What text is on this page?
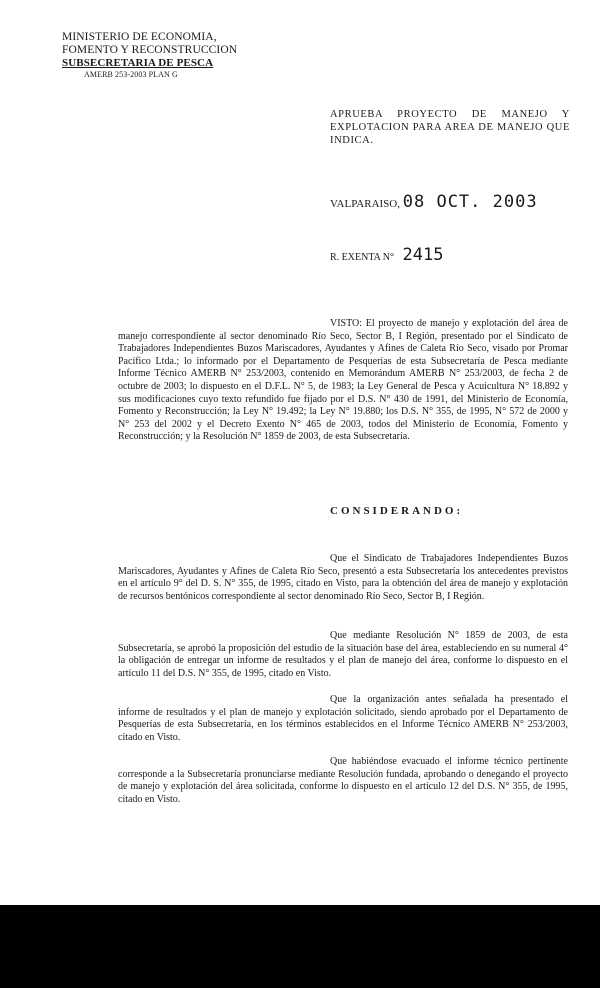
MINISTERIO DE ECONOMIA,
FOMENTO Y RECONSTRUCCION
SUBSECRETARIA DE PESCA
AMERB 253-2003 PLAN G
APRUEBA PROYECTO DE MANEJO Y EXPLOTACION PARA AREA DE MANEJO QUE INDICA.
VALPARAISO, 08 OCT. 2003
R. EXENTA N° 2415
VISTO: El proyecto de manejo y explotación del área de manejo correspondiente al sector denominado Río Seco, Sector B, I Región, presentado por el Sindicato de Trabajadores Independientes Buzos Mariscadores, Ayudantes y Afines de Caleta Río Seco, visado por Promar Pacífico Ltda.; lo informado por el Departamento de Pesquerías de esta Subsecretaría de Pesca mediante Informe Técnico AMERB N° 253/2003, contenido en Memorándum AMERB N° 253/2003, de fecha 2 de octubre de 2003; lo dispuesto en el D.F.L. N° 5, de 1983; la Ley General de Pesca y Acuicultura N° 18.892 y sus modificaciones cuyo texto refundido fue fijado por el D.S. N° 430 de 1991, del Ministerio de Economía, Fomento y Reconstrucción; la Ley N° 19.492; la Ley N° 19.880; los D.S. N° 355, de 1995, N° 572 de 2000 y N° 253 del 2002 y el Decreto Exento N° 465 de 2003, todos del Ministerio de Economía, Fomento y Reconstrucción; y la Resolución N° 1859 de 2003, de esta Subsecretaría.
CONSIDERANDO:
Que el Sindicato de Trabajadores Independientes Buzos Mariscadores, Ayudantes y Afines de Caleta Río Seco, presentó a esta Subsecretaría los antecedentes previstos en el artículo 9° del D. S. N° 355, de 1995, citado en Visto, para la obtención del área de manejo y explotación de recursos bentónicos correspondiente al sector denominado Río Seco, Sector B, I Región.
Que mediante Resolución N° 1859 de 2003, de esta Subsecretaría, se aprobó la proposición del estudio de la situación base del área, estableciendo en su numeral 4° la obligación de entregar un informe de resultados y el plan de manejo del área, conforme lo dispuesto en el artículo 11 del D.S. N° 355, de 1995, citado en Visto.
Que la organización antes señalada ha presentado el informe de resultados y el plan de manejo y explotación solicitado, siendo aprobado por el Departamento de Pesquerías de esta Subsecretaría, en los términos establecidos en el Informe Técnico AMERB N° 253/2003, citado en Visto.
Que habiéndose evacuado el informe técnico pertinente corresponde a la Subsecretaría pronunciarse mediante Resolución fundada, aprobando o denegando el proyecto de manejo y explotación del área solicitada, conforme lo dispuesto en el artículo 12 del D.S. N° 355, de 1995, citado en Visto.
